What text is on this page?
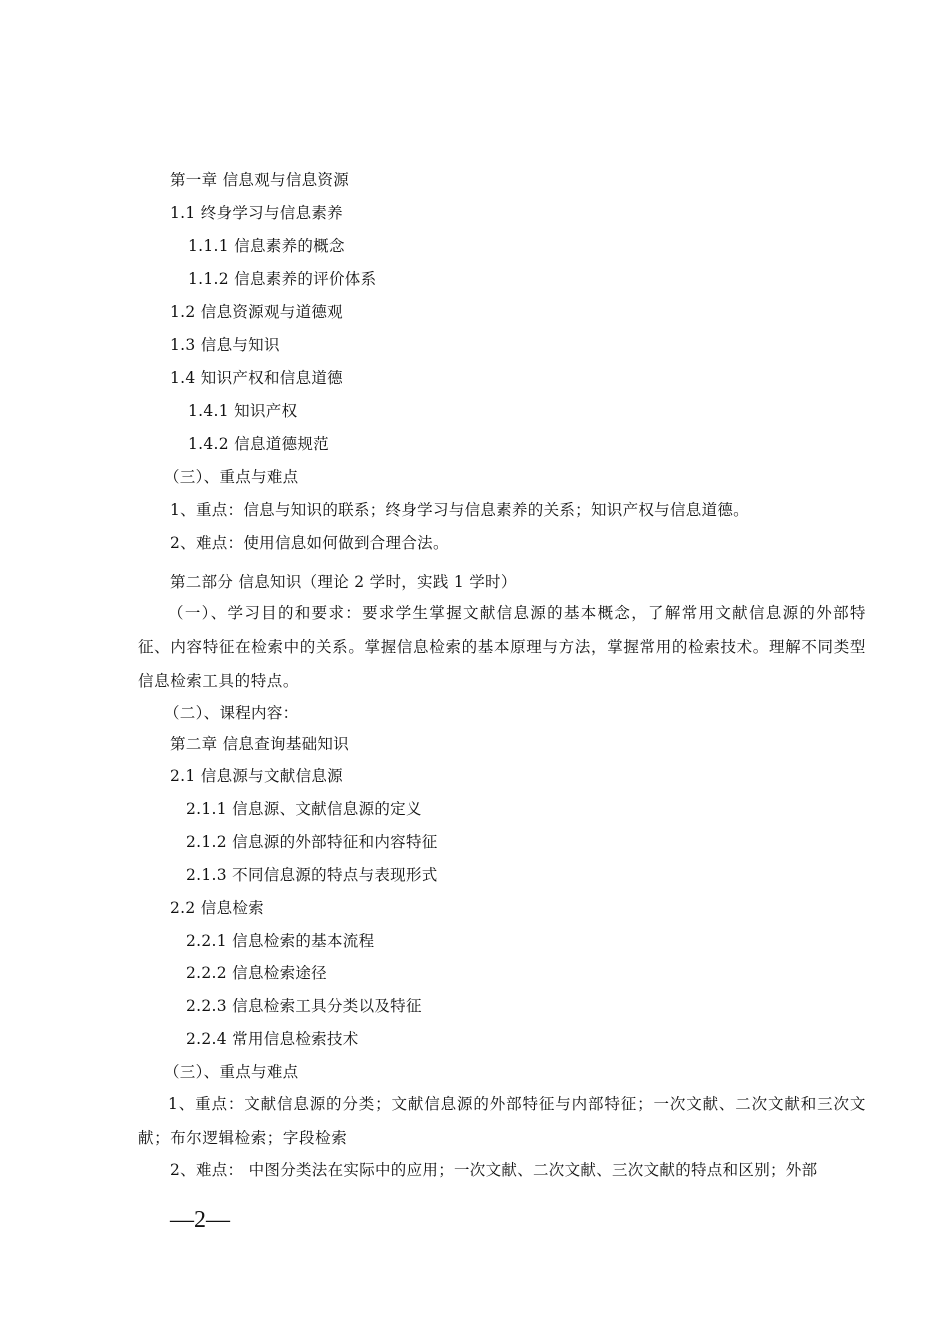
第一章 信息观与信息资源

1.1 终身学习与信息素养

1.1.1 信息素养的概念

1.1.2 信息素养的评价体系

1.2 信息资源观与道德观

1.3 信息与知识

1.4 知识产权和信息道德

1.4.1 知识产权

1.4.2 信息道德规范

（三）、重点与难点

1、重点：信息与知识的联系；终身学习与信息素养的关系；知识产权与信息道德。

2、难点：使用信息如何做到合理合法。

第二部分 信息知识（理论 2 学时，实践 1 学时）

（一）、学习目的和要求：要求学生掌握文献信息源的基本概念，了解常用文献信息源的外部特征、内容特征在检索中的关系。掌握信息检索的基本原理与方法，掌握常用的检索技术。理解不同类型信息检索工具的特点。

（二）、课程内容：

第二章 信息查询基础知识

2.1 信息源与文献信息源

2.1.1 信息源、文献信息源的定义

2.1.2 信息源的外部特征和内容特征

2.1.3 不同信息源的特点与表现形式

2.2 信息检索

2.2.1 信息检索的基本流程

2.2.2 信息检索途径

2.2.3 信息检索工具分类以及特征

2.2.4 常用信息检索技术

（三）、重点与难点

1、重点：文献信息源的分类；文献信息源的外部特征与内部特征；一次文献、二次文献和三次文献；布尔逻辑检索；字段检索

2、难点： 中图分类法在实际中的应用；一次文献、二次文献、三次文献的特点和区别；外部

—2—
